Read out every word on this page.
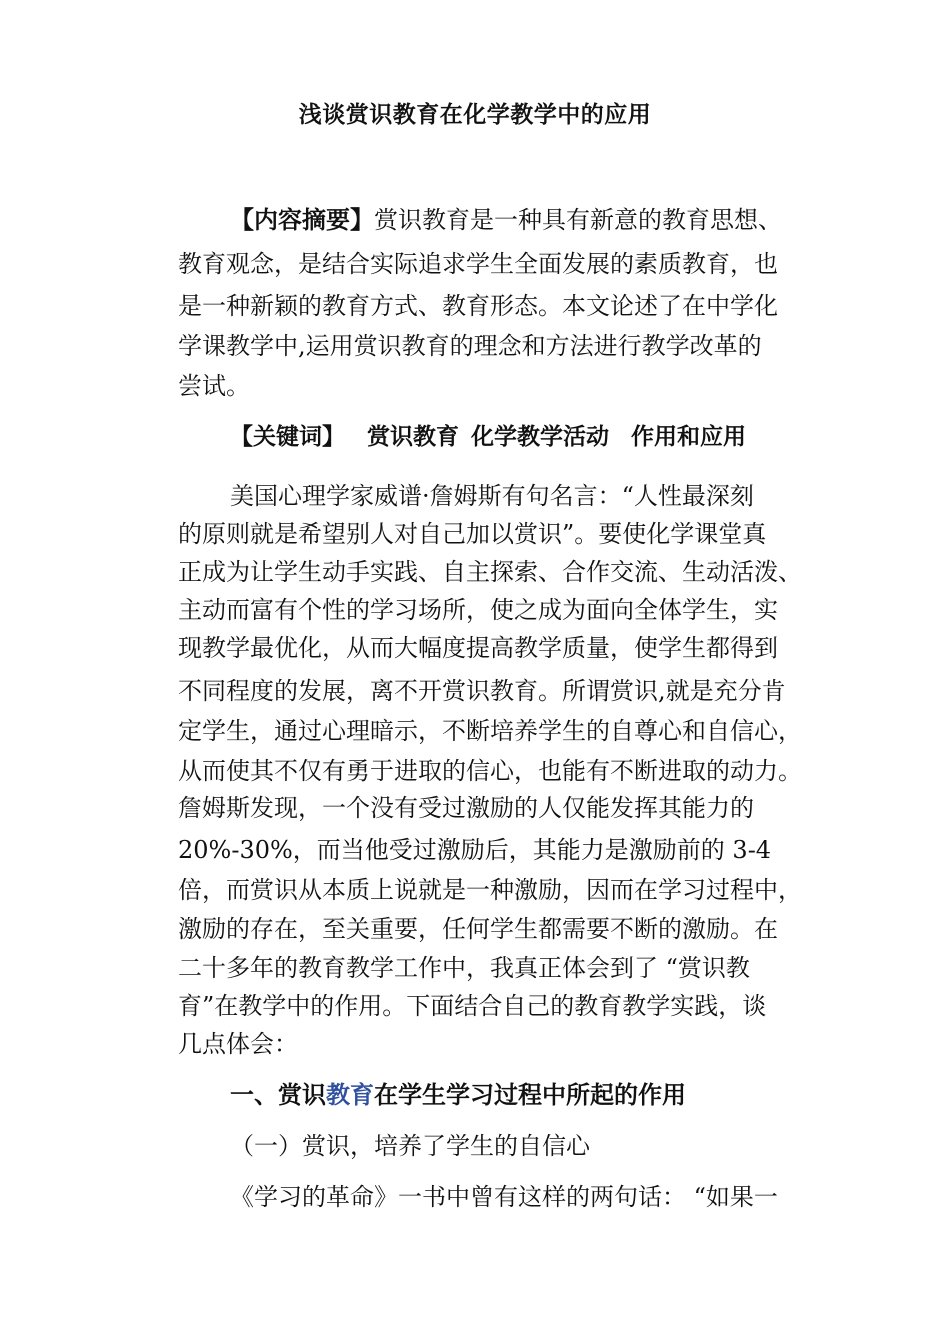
浅谈赏识教育在化学教学中的应用
【内容摘要】赏识教育是一种具有新意的教育思想、
教育观念，是结合实际追求学生全面发展的素质教育，也
是一种新颖的教育方式、教育形态。本文论述了在中学化
学课教学中,运用赏识教育的理念和方法进行教学改革的
尝试。
【关键词】 赏识教育 化学教学活动 作用和应用
美国心理学家威谱·詹姆斯有句名言：“人性最深刻
的原则就是希望别人对自己加以赏识”。要使化学课堂真
正成为让学生动手实践、自主探索、合作交流、生动活泼、
主动而富有个性的学习场所，使之成为面向全体学生，实
现教学最优化，从而大幅度提高教学质量，使学生都得到
不同程度的发展，离不开赏识教育。所谓赏识,就是充分肯
定学生，通过心理暗示，不断培养学生的自尊心和自信心，
从而使其不仅有勇于进取的信心，也能有不断进取的动力。
詹姆斯发现，一个没有受过激励的人仅能发挥其能力的
20%-30%，而当他受过激励后，其能力是激励前的 3-4
倍，而赏识从本质上说就是一种激励，因而在学习过程中，
激励的存在，至关重要，任何学生都需要不断的激励。在
二十多年的教育教学工作中，我真正体会到了 “赏识教
育”在教学中的作用。下面结合自己的教育教学实践，谈
几点体会：
一、赏识教育在学生学习过程中所起的作用
（一）赏识，培养了学生的自信心
《学习的革命》一书中曾有这样的两句话： “如果一
